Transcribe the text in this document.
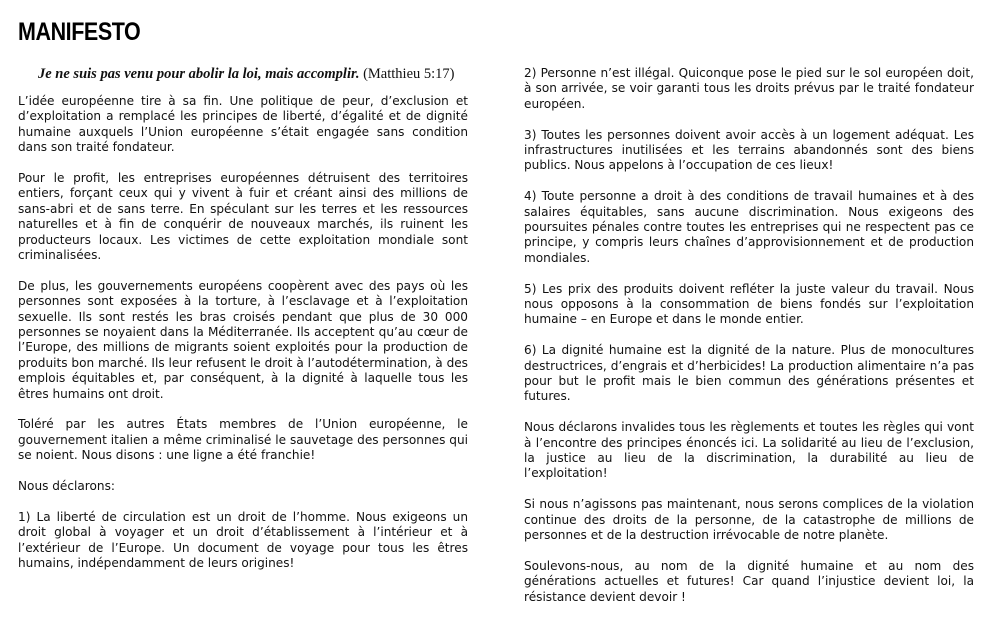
MANIFESTO

Je ne suis pas venu pour abolir la loi, mais accomplir. (Matthieu 5:17)

L’idée européenne tire à sa fin. Une politique de peur, d’exclusion et d’exploitation a remplacé les principes de liberté, d’égalité et de dignité humaine auxquels l’Union européenne s’était engagée sans condition dans son traité fondateur.

Pour le profit, les entreprises européennes détruisent des territoires entiers, forçant ceux qui y vivent à fuir et créant ainsi des millions de sans-abri et de sans terre. En spéculant sur les terres et les ressources naturelles et à fin de conquérir de nouveaux marchés, ils ruinent les producteurs locaux. Les victimes de cette exploitation mondiale sont criminalisées.

De plus, les gouvernements européens coopèrent avec des pays où les personnes sont exposées à la torture, à l’esclavage et à l’exploitation sexuelle. Ils sont restés les bras croisés pendant que plus de 30 000 personnes se noyaient dans la Méditerranée. Ils acceptent qu’au cœur de l’Europe, des millions de migrants soient exploités pour la production de produits bon marché. Ils leur refusent le droit à l’autodétermination, à des emplois équitables et, par conséquent, à la dignité à laquelle tous les êtres humains ont droit.

Toléré par les autres États membres de l’Union européenne, le gouvernement italien a même criminalisé le sauvetage des personnes qui se noient. Nous disons : une ligne a été franchie!

Nous déclarons:

1) La liberté de circulation est un droit de l’homme. Nous exigeons un droit global à voyager et un droit d’établissement à l’intérieur et à l’extérieur de l’Europe. Un document de voyage pour tous les êtres humains, indépendamment de leurs origines!

2) Personne n’est illégal. Quiconque pose le pied sur le sol européen doit, à son arrivée, se voir garanti tous les droits prévus par le traité fondateur européen.

3) Toutes les personnes doivent avoir accès à un logement adéquat. Les infrastructures inutilisées et les terrains abandonnés sont des biens publics. Nous appelons à l’occupation de ces lieux!

4) Toute personne a droit à des conditions de travail humaines et à des salaires équitables, sans aucune discrimination. Nous exigeons des poursuites pénales contre toutes les entreprises qui ne respectent pas ce principe, y compris leurs chaînes d’approvisionnement et de production mondiales.

5) Les prix des produits doivent refléter la juste valeur du travail. Nous nous opposons à la consommation de biens fondés sur l’exploitation humaine – en Europe et dans le monde entier.

6) La dignité humaine est la dignité de la nature. Plus de monocultures destructrices, d’engrais et d’herbicides! La production alimentaire n’a pas pour but le profit mais le bien commun des générations présentes et futures.

Nous déclarons invalides tous les règlements et toutes les règles qui vont à l’encontre des principes énoncés ici. La solidarité au lieu de l’exclusion, la justice au lieu de la discrimination, la durabilité au lieu de l’exploitation!

Si nous n’agissons pas maintenant, nous serons complices de la violation continue des droits de la personne, de la catastrophe de millions de personnes et de la destruction irrévocable de notre planète.

Soulevons-nous, au nom de la dignité humaine et au nom des générations actuelles et futures! Car quand l’injustice devient loi, la résistance devient devoir !
